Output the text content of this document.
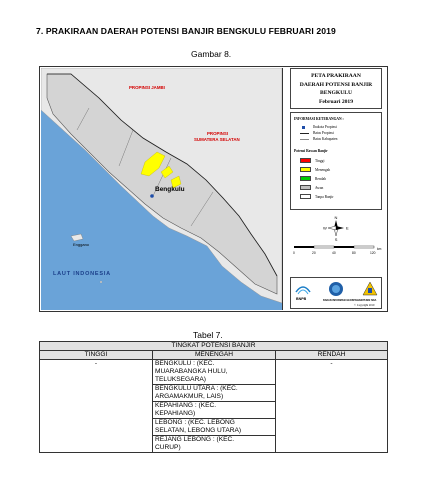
7. PRAKIRAAN DAERAH POTENSI BANJIR BENGKULU FEBRUARI 2019
Gambar 8.
PROPINSI JAMBI
PROPINSI
SUMATERA SELATAN
Bengkulu
LAUT INDONESIA
Enggano
PETA PRAKIRAAN
DAERAH POTENSI BANJIR
BENGKULU
Februari 2019
INFORMASI KETERANGAN :
Ibukota Propinsi
Batas Propinsi
Batas Kabupaten
Potensi Rawan Banjir
Tinggi
Menengah
Rendah
Awan
Tanpa Banjir
N
S
W	E
0	20	40	80	120
km
BNPB	BADAN INFORMASI GEOSPASIAL DITJEN SDA
© Copyright 2019
Tabel 7.
TINGKAT POTENSI BANJIR		
TINGGI	MENENGAH	RENDAH
-	BENGKULU : (KEC.
MUARABANGKA HULU,
TELUKSEGARA)	-

	BENGKULU UTARA : (KEC.
ARGAMAKMUR, LAIS)	

	KEPAHIANG : (KEC.
KEPAHIANG)	

	LEBONG : (KEC. LEBONG
SELATAN, LEBONG UTARA)	

	REJANG LEBONG : (KEC.
CURUP)	
